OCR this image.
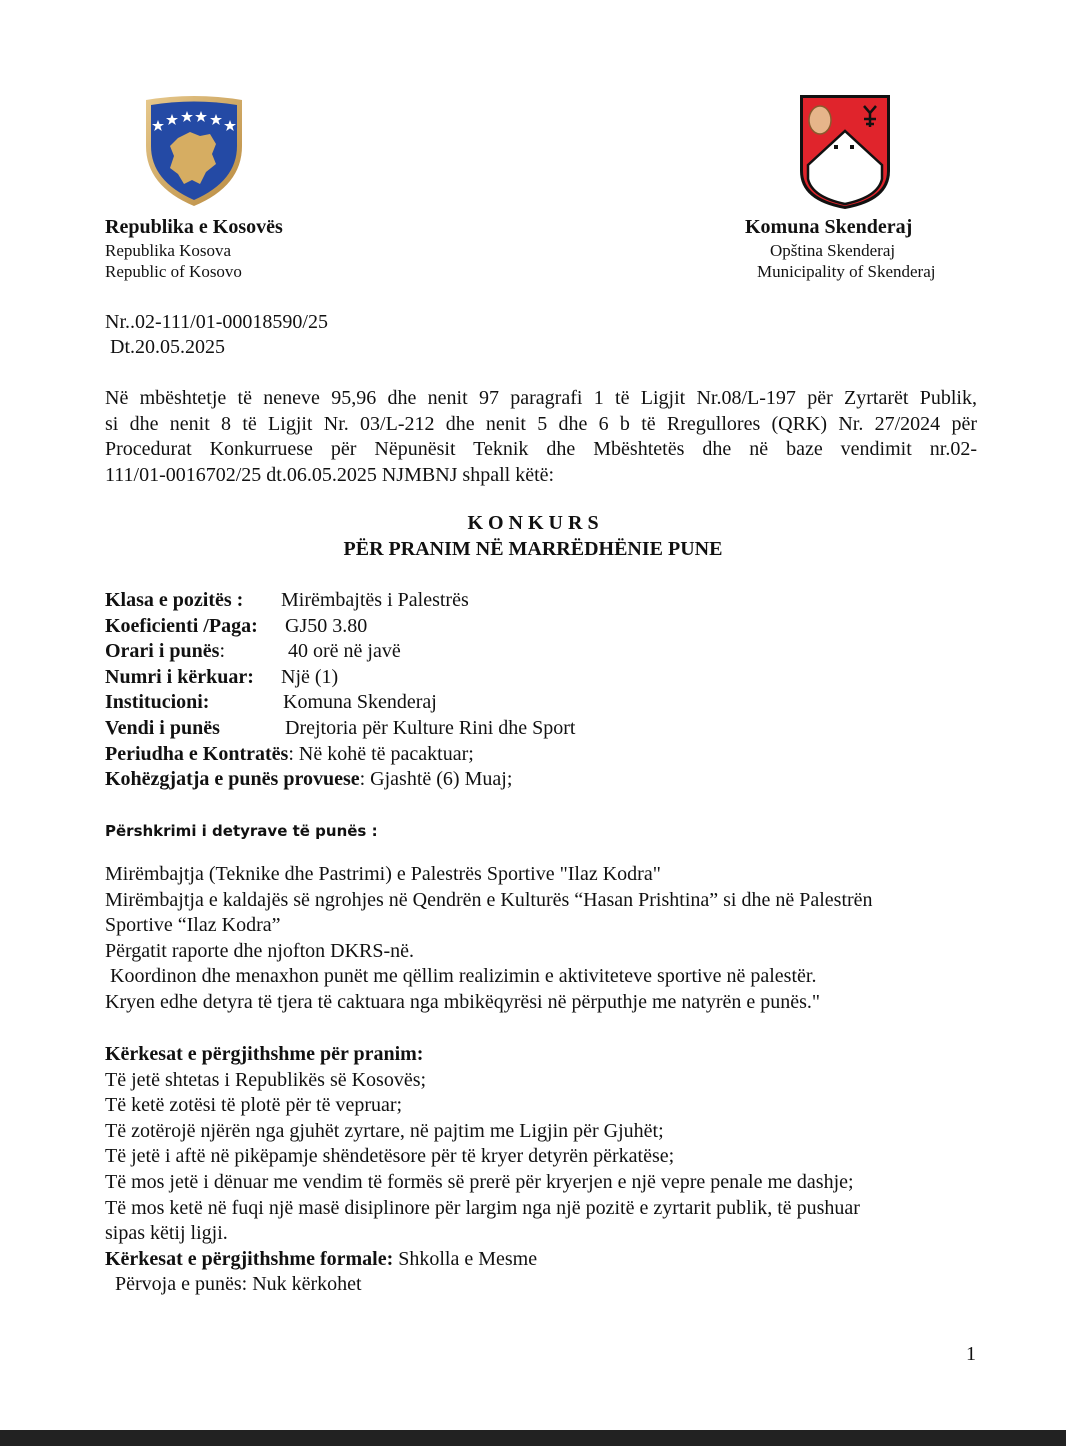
Republika e Kosovës
Republika Kosova
Republic of Kosovo
Komuna Skenderaj
Opština Skenderaj
Municipality of Skenderaj
Nr..02-111/01-00018590/25
Dt.20.05.2025
Në mbështetje të neneve 95,96 dhe nenit 97 paragrafi 1 të Ligjit Nr.08/L-197 për Zyrtarët Publik,
si dhe nenit 8 të Ligjit Nr. 03/L-212 dhe nenit 5 dhe 6 b të Rregullores (QRK) Nr. 27/2024 për
Procedurat Konkurruese për Nëpunësit Teknik dhe Mbështetës dhe në baze vendimit nr.02-
111/01-0016702/25 dt.06.05.2025 NJMBNJ shpall këtë:
K O N K U R S
PËR PRANIM NË MARRËDHËNIE PUNE
Klasa e pozitës : Mirëmbajtës i Palestrës
Koeficienti /Paga: GJ50 3.80
Orari i punës:	40 orë në javë
Numri i kërkuar: Një (1)
Institucioni:	Komuna Skenderaj
Vendi i punës	Drejtoria për Kulture Rini dhe Sport
Periudha e Kontratës: Në kohë të pacaktuar;
Kohëzgjatja e punës provuese: Gjashtë (6) Muaj;
Përshkrimi i detyrave të punës :
Mirëmbajtja (Teknike dhe Pastrimi) e Palestrës Sportive "Ilaz Kodra"
Mirëmbajtja e kaldajës së ngrohjes në Qendrën e Kulturës “Hasan Prishtina” si dhe në Palestrën
Sportive “Ilaz Kodra”
Përgatit raporte dhe njofton DKRS-në.
Koordinon dhe menaxhon punët me qëllim realizimin e aktiviteteve sportive në palestër.
Kryen edhe detyra të tjera të caktuara nga mbikëqyrësi në përputhje me natyrën e punës."
Kërkesat e përgjithshme për pranim:
Të jetë shtetas i Republikës së Kosovës;
Të ketë zotësi të plotë për të vepruar;
Të zotërojë njërën nga gjuhët zyrtare, në pajtim me Ligjin për Gjuhët;
Të jetë i aftë në pikëpamje shëndetësore për të kryer detyrën përkatëse;
Të mos jetë i dënuar me vendim të formës së prerë për kryerjen e një vepre penale me dashje;
Të mos ketë në fuqi një masë disiplinore për largim nga një pozitë e zyrtarit publik, të pushuar
sipas këtij ligji.
Kërkesat e përgjithshme formale: Shkolla e Mesme
Përvoja e punës: Nuk kërkohet
1
